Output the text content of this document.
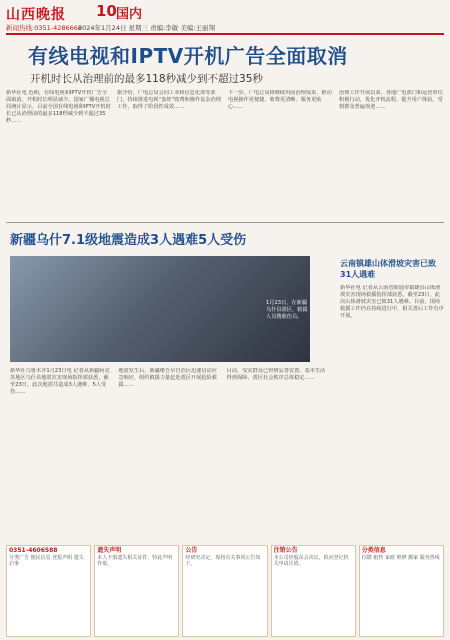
山西晚报 10 国内
新闻热线:0351-4286666
2024年1月24日 星期三 责编:李敏 美编:王丽翔
有线电视和IPTV开机广告全面取消
开机时长从治理前的最多118秒减少到不超过35秒
新华社电 近期，有线电视和IPTV开机广告全面取消，开机时长明显减少。国家广播电视总局统计显示，目前全国有线电视和IPTV开机时长已从治理前的最多118秒减少到不超过35秒……
据介绍，广电总局会同工业和信息化部等部门，持续推进电视“套娃”收费和操作复杂治理工作，取得了阶段性成效……
下一步，广电总局将继续巩固治理成果，推动电视操作更便捷、收费更清晰、服务更贴心……
治理工作开展以来，各地广电部门和运营单位积极行动，优化开机流程，提升用户体验，受到群众普遍欢迎……
新疆乌什7.1级地震造成3人遇难5人受伤
1月23日，在新疆乌什县震区，救援人员搜救伤员。
新华社乌鲁木齐1月23日电 记者从新疆阿克苏地区乌什县地震灾害现场指挥部获悉，截至23日，此次地震共造成3人遇难、5人受伤……
地震发生后，新疆维吾尔自治区迅速启动应急响应，组织救援力量赶赴震区开展抢险救援……
目前，受灾群众已得到妥善安置，基本生活得到保障，震区社会秩序总体稳定……
云南镇雄山体滑坡灾害已致31人遇难
新华社电 记者从云南省昭通市镇雄县山体滑坡灾害现场救援指挥部获悉，截至23日，此次山体滑坡灾害已致31人遇难。目前，现场救援工作仍在持续进行中，相关善后工作有序开展。
0351-4606588
分类广告 便民信息 登报声明 遗失启事
遗失声明
本人不慎遗失相关证件，特此声明作废。
公告
经研究决定，现将有关事项公告如下。
注销公告
本公司经股东会决议，拟向登记机关申请注销。
分类信息
招聘 租售 家政 维修 搬家 服务热线
